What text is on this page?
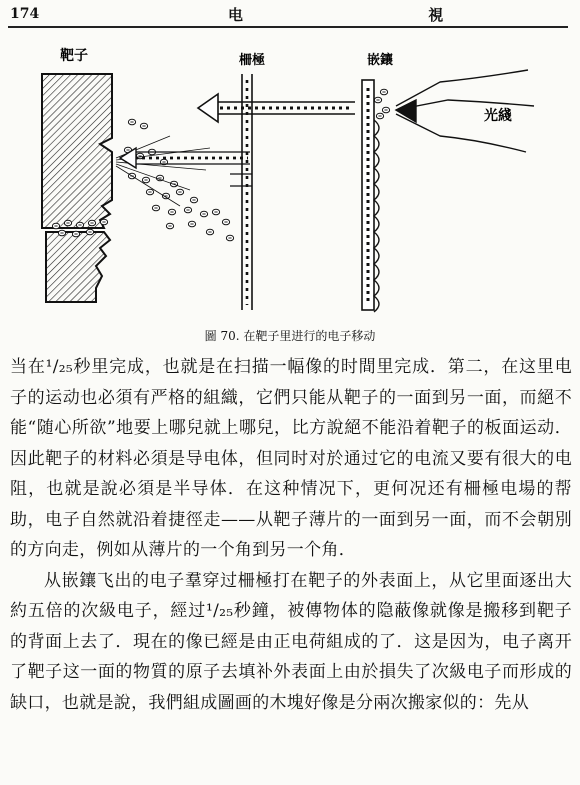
174	电 視
靶子	柵極	嵌鑲
光綫
圖 70. 在靶子里进行的电子移动

当在¹/₂₅秒里完成，也就是在扫描一幅像的时間里完成．第二，在这里电子的运动也必須有严格的組織，它們只能从靶子的一面到另一面，而絕不能“随心所欲”地要上哪兒就上哪兒，比方說絕不能沿着靶子的板面运动．因此靶子的材料必須是导电体，但同时对於通过它的电流又要有很大的电阻，也就是說必須是半导体．在这种情况下，更何况还有柵極电場的帮助，电子自然就沿着捷徑走——从靶子薄片的一面到另一面，而不会朝別的方向走，例如从薄片的一个角到另一个角．

从嵌鑲飞出的电子羣穿过柵極打在靶子的外表面上，从它里面逐出大約五倍的次級电子，經过¹/₂₅秒鐘，被傳物体的隐蔽像就像是搬移到靶子的背面上去了．現在的像已經是由正电荷組成的了．这是因为，电子离开了靶子这一面的物質的原子去填补外表面上由於損失了次級电子而形成的缺口，也就是說，我們組成圖画的木塊好像是分兩次搬家似的：先从
